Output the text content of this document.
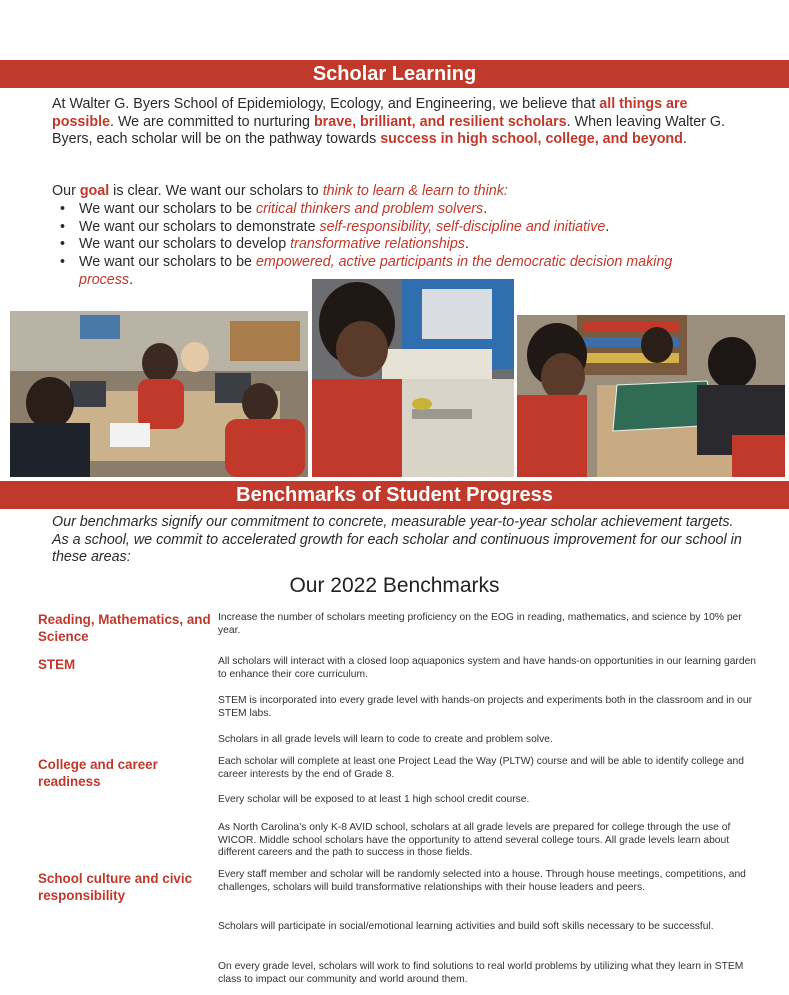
Scholar Learning

At Walter G. Byers School of Epidemiology, Ecology, and Engineering, we believe that all things are possible. We are committed to nurturing brave, brilliant, and resilient scholars. When leaving Walter G. Byers, each scholar will be on the pathway towards success in high school, college, and beyond.

Our goal is clear. We want our scholars to think to learn & learn to think:

• We want our scholars to be critical thinkers and problem solvers.
• We want our scholars to demonstrate self-responsibility, self-discipline and initiative.
• We want our scholars to develop transformative relationships.
• We want our scholars to be empowered, active participants in the democratic decision making process.
Benchmarks of Student Progress

Our benchmarks signify our commitment to concrete, measurable year-to-year scholar achievement targets. As a school, we commit to accelerated growth for each scholar and continuous improvement for our school in these areas:

Our 2022 Benchmarks
Reading, Mathematics, and Science
Increase the number of scholars meeting proficiency on the EOG in reading, mathematics, and science by 10% per year.
STEM	All scholars will interact with a closed loop aquaponics system and have hands-on opportunities in our learning garden to enhance their core curriculum.
STEM is incorporated into every grade level with hands-on projects and experiments both in the classroom and in our STEM labs.
Scholars in all grade levels will learn to code to create and problem solve.
College and career readiness
Each scholar will complete at least one Project Lead the Way (PLTW) course and will be able to identify college and career interests by the end of Grade 8.
Every scholar will be exposed to at least 1 high school credit course.
As North Carolina's only K-8 AVID school, scholars at all grade levels are prepared for college through the use of WICOR. Middle school scholars have the opportunity to attend several college tours. All grade levels learn about different careers and the path to success in those fields.
School culture and civic responsibility
Every staff member and scholar will be randomly selected into a house. Through house meetings, competitions, and challenges, scholars will build transformative relationships with their house leaders and peers.
Scholars will participate in social/emotional learning activities and build soft skills necessary to be successful.
On every grade level, scholars will work to find solutions to real world problems by utilizing what they learn in STEM class to impact our community and world around them.
